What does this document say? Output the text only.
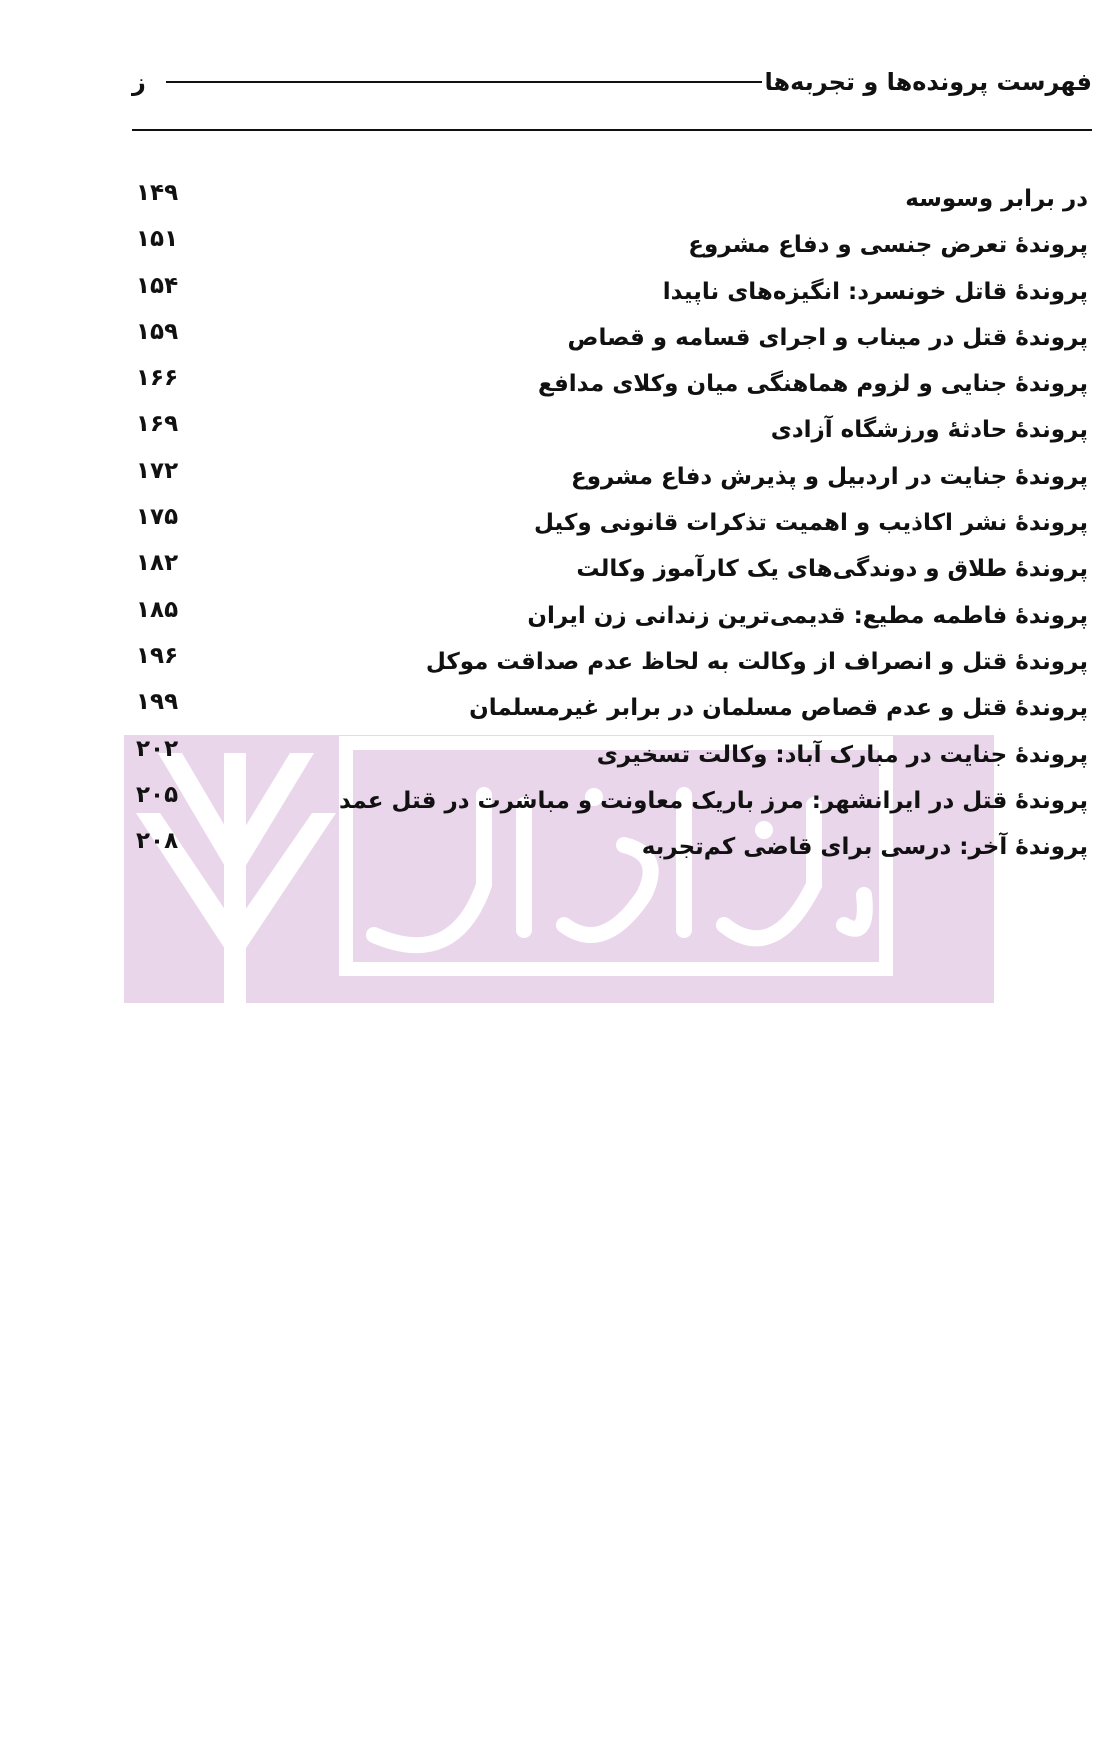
فهرست پرونده‌ها و تجربه‌ها
ز
در برابر وسوسه
۱۴۹
پروندهٔ تعرض جنسی و دفاع مشروع
۱۵۱
پروندهٔ قاتل خونسرد: انگیزه‌های ناپیدا
۱۵۴
پروندهٔ قتل در میناب و اجرای قسامه و قصاص
۱۵۹
پروندهٔ جنایی و لزوم هماهنگی میان وکلای مدافع
۱۶۶
پروندهٔ حادثهٔ ورزشگاه آزادی
۱۶۹
پروندهٔ جنایت در اردبیل و پذیرش دفاع مشروع
۱۷۲
پروندهٔ نشر اکاذیب و اهمیت تذکرات قانونی وکیل
۱۷۵
پروندهٔ طلاق و دوندگی‌های یک کارآموز وکالت
۱۸۲
پروندهٔ فاطمه مطیع: قدیمی‌ترین زندانی زن ایران
۱۸۵
پروندهٔ قتل و انصراف از وکالت به لحاظ عدم صداقت موکل
۱۹۶
پروندهٔ قتل و عدم قصاص مسلمان در برابر غیرمسلمان
۱۹۹
پروندهٔ جنایت در مبارک آباد: وکالت تسخیری
۲۰۲
پروندهٔ قتل در ایرانشهر: مرز باریک معاونت و مباشرت در قتل عمد
۲۰۵
پروندهٔ آخر: درسی برای قاضی کم‌تجربه
۲۰۸
